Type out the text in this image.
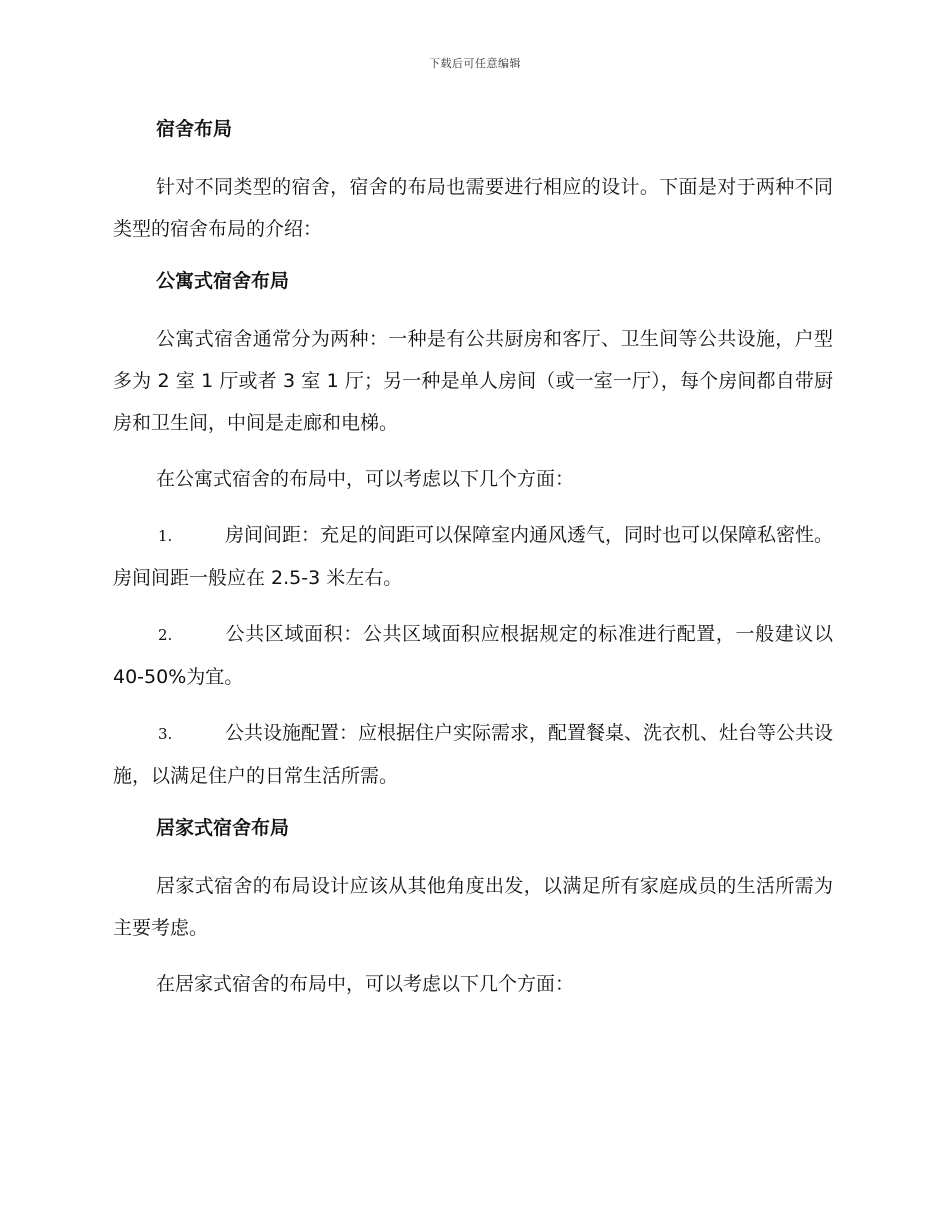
下载后可任意编辑
宿舍布局

针对不同类型的宿舍，宿舍的布局也需要进行相应的设计。下面是对于两种不同类型的宿舍布局的介绍：

公寓式宿舍布局

公寓式宿舍通常分为两种：一种是有公共厨房和客厅、卫生间等公共设施，户型多为 2 室 1 厅或者 3 室 1 厅；另一种是单人房间（或一室一厅），每个房间都自带厨房和卫生间，中间是走廊和电梯。

在公寓式宿舍的布局中，可以考虑以下几个方面：

1.	房间间距：充足的间距可以保障室内通风透气，同时也可以保障私密性。房间间距一般应在 2.5-3 米左右。

2.	公共区域面积：公共区域面积应根据规定的标准进行配置，一般建议以 40-50%为宜。

3.	公共设施配置：应根据住户实际需求，配置餐桌、洗衣机、灶台等公共设施，以满足住户的日常生活所需。

居家式宿舍布局

居家式宿舍的布局设计应该从其他角度出发，以满足所有家庭成员的生活所需为主要考虑。

在居家式宿舍的布局中，可以考虑以下几个方面：
